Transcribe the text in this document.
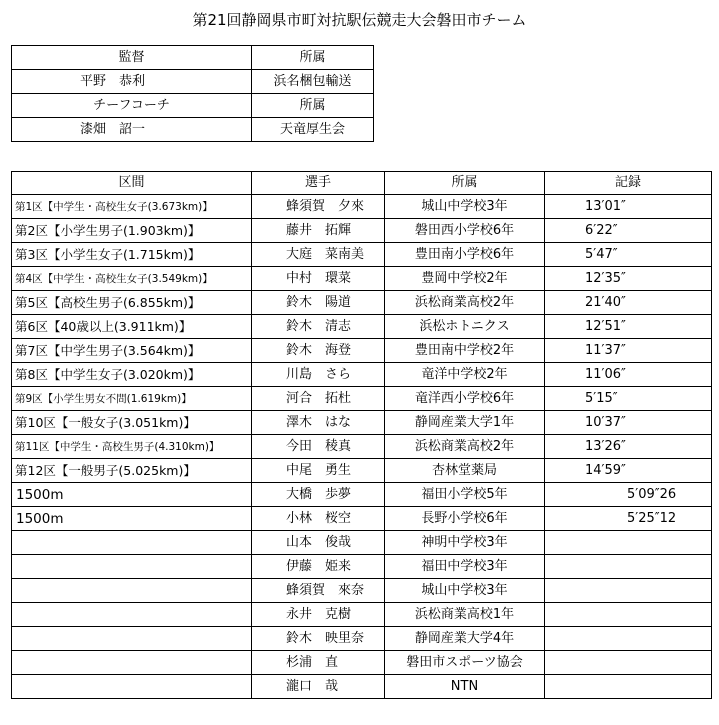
第21回静岡県市町対抗駅伝競走大会磐田市チーム
監督	所属
平野　恭利	浜名梱包輸送
チーフコーチ	所属
漆畑　詔一	天竜厚生会
区間	選手	所属	記録
第1区【中学生・高校生女子(3.673km)】	蜂須賀　夕來	城山中学校3年	13′01″
第2区【小学生男子(1.903km)】	藤井　拓輝	磐田西小学校6年	6′22″
第3区【小学生女子(1.715km)】	大庭　菜南美	豊田南小学校6年	5′47″
第4区【中学生・高校生女子(3.549km)】	中村　環菜	豊岡中学校2年	12′35″
第5区【高校生男子(6.855km)】	鈴木　陽道	浜松商業高校2年	21′40″
第6区【40歳以上(3.911km)】	鈴木　清志	浜松ホトニクス	12′51″
第7区【中学生男子(3.564km)】	鈴木　海登	豊田南中学校2年	11′37″
第8区【中学生女子(3.020km)】	川島　さら	竜洋中学校2年	11′06″
第9区【小学生男女不問(1.619km)】	河合　拓杜	竜洋西小学校6年	5′15″
第10区【一般女子(3.051km)】	澤木　はな	静岡産業大学1年	10′37″
第11区【中学生・高校生男子(4.310km)】	今田　稜真	浜松商業高校2年	13′26″
第12区【一般男子(5.025km)】	中尾　勇生	杏林堂薬局	14′59″
1500m	大橋　歩夢	福田小学校5年	5′09″26
1500m	小林　桜空	長野小学校6年	5′25″12
	山本　俊哉	神明中学校3年	
	伊藤　姫来	福田中学校3年	
	蜂須賀　來奈	城山中学校3年	
	永井　克樹	浜松商業高校1年	
	鈴木　映里奈	静岡産業大学4年	
	杉浦　直	磐田市スポーツ協会	
	瀧口　哉	NTN	
